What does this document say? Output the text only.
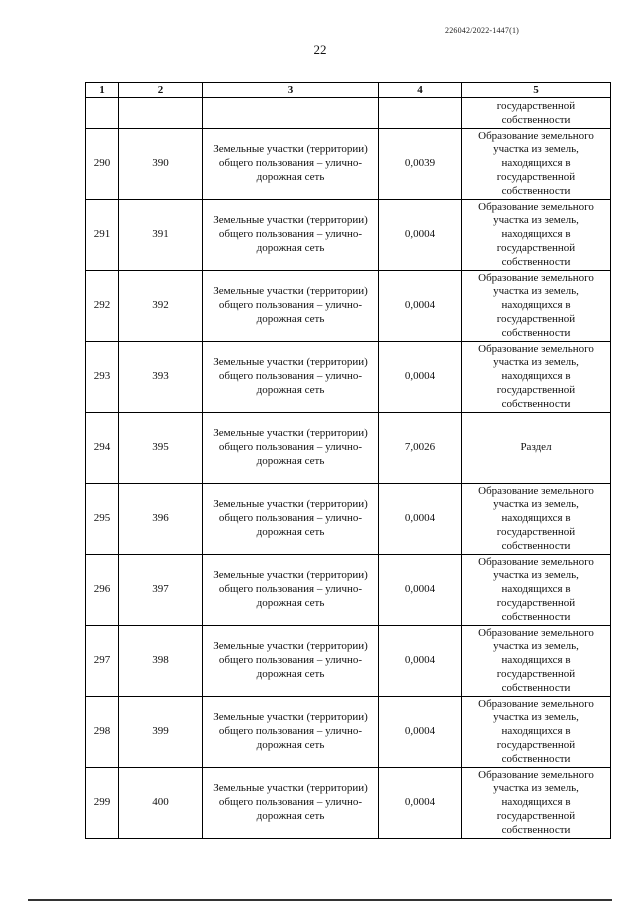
226042/2022-1447(1)
22
1	2	3	4	5
				государственной собственности
290	390	Земельные участки (территории) общего пользования – улично-дорожная сеть	0,0039	Образование земельного участка из земель, находящихся в государственной собственности
291	391	Земельные участки (территории) общего пользования – улично-дорожная сеть	0,0004	Образование земельного участка из земель, находящихся в государственной собственности
292	392	Земельные участки (территории) общего пользования – улично-дорожная сеть	0,0004	Образование земельного участка из земель, находящихся в государственной собственности
293	393	Земельные участки (территории) общего пользования – улично-дорожная сеть	0,0004	Образование земельного участка из земель, находящихся в государственной собственности
294	395	Земельные участки (территории) общего пользования – улично-дорожная сеть	7,0026	Раздел
295	396	Земельные участки (территории) общего пользования – улично-дорожная сеть	0,0004	Образование земельного участка из земель, находящихся в государственной собственности
296	397	Земельные участки (территории) общего пользования – улично-дорожная сеть	0,0004	Образование земельного участка из земель, находящихся в государственной собственности
297	398	Земельные участки (территории) общего пользования – улично-дорожная сеть	0,0004	Образование земельного участка из земель, находящихся в государственной собственности
298	399	Земельные участки (территории) общего пользования – улично-дорожная сеть	0,0004	Образование земельного участка из земель, находящихся в государственной собственности
299	400	Земельные участки (территории) общего пользования – улично-дорожная сеть	0,0004	Образование земельного участка из земель, находящихся в государственной собственности
